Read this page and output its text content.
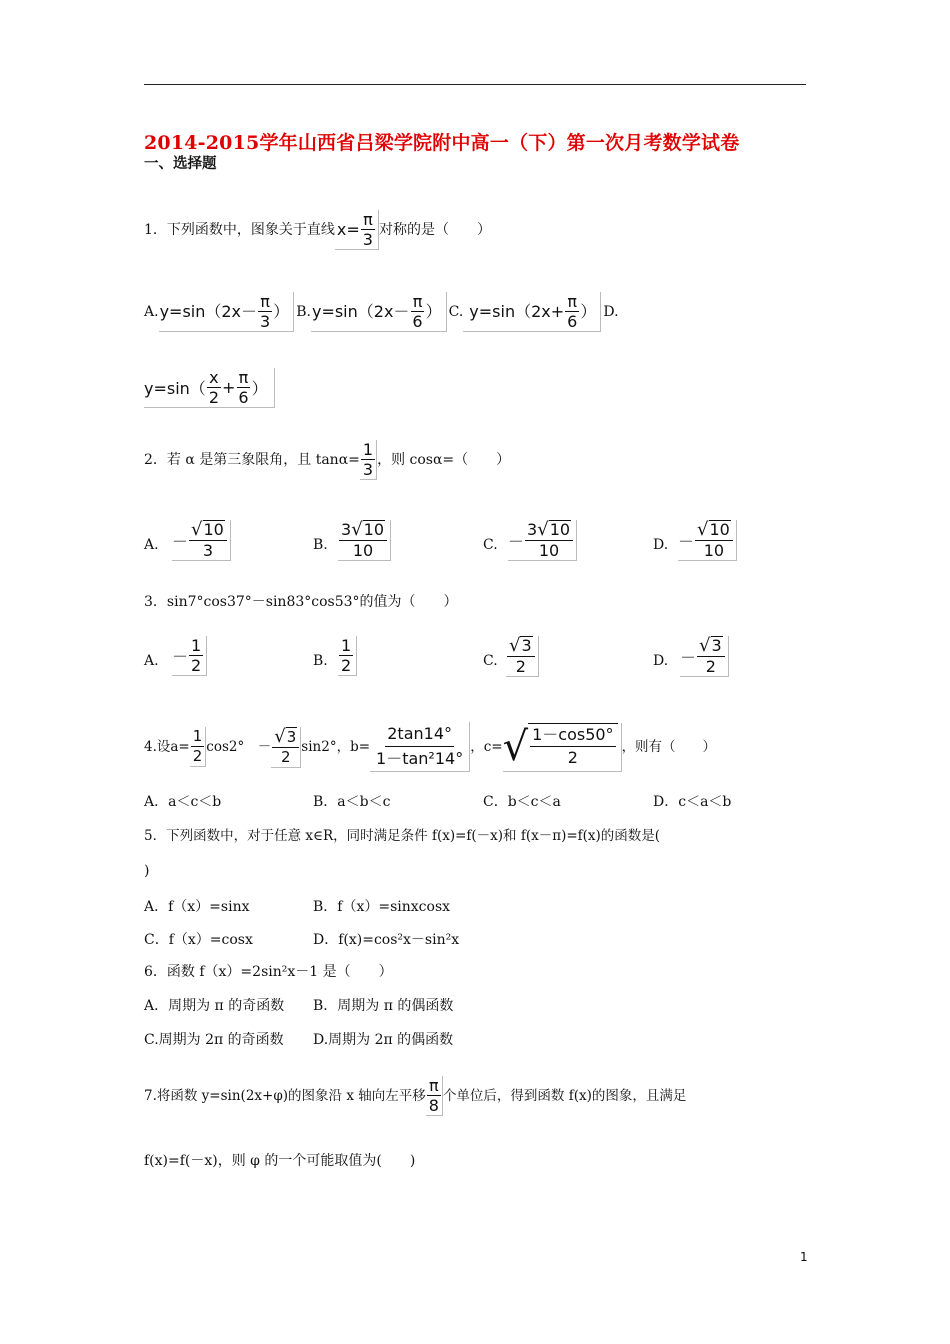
2014-2015学年山西省吕梁学院附中高一（下）第一次月考数学试卷
一、选择题
1．下列函数中，图象关于直线 $x= \frac{\pi}{3}$ 对称的是（　　）
A. $y=\sin(2x- \frac{\pi}{3}$ ） B. $y=\sin(2x- \frac{\pi}{6}$ ） C. $y=\sin(2x+ \frac{\pi}{6}$ ） D.
$y=\sin( \frac{x}{2} + \frac{\pi}{6}$ ）
2．若 α 是第三象限角，且 $\tan\alpha= \frac{1}{3}$ ，则 cosα=（　　）
A. － $\frac{√ 10}{3}$	B. $\frac{3 √ 10}{10}$	C. － $\frac{3 √ 10}{10}$	D. － $\frac{√ 10}{10}$
3．sin7°cos37°－sin83°cos53°的值为（　　）
A. － $\frac{1}{2}$	B. $\frac{1}{2}$	C. $\frac{√ 3}{2}$	D. － $\frac{√ 3}{2}$
4.设$a= \frac{1}{2} \cos 2^\circ$　－ $\frac{√ 3}{2} \sin 2^\circ$，$b= \frac{2\tan 14^\circ}{\text{1－tan²14°}}$ ，c= √ $\frac{1-\cos 50^\circ}{2}$ ，则有（　　）
A．a＜c＜b	B．a＜b＜c	C．b＜c＜a	D．c＜a＜b
5．下列函数中，对于任意 x∈R，同时满足条件 f(x)=f(－x)和 f(x－π)=f(x)的函数是(
)
A．f（x）=sinx	B．f（x）=sinxcosx
C．f（x）=cosx	D．f(x)=cos²x－sin²x
6．函数 f（x）=2sin²x－1 是（　　）
A．周期为 π 的奇函数 B．周期为 π 的偶函数
C.周期为 2π 的奇函数 D.周期为 2π 的偶函数
7.将函数 y=sin(2x+φ)的图象沿 x 轴向左平移 $\frac{\pi}{8}$ 个单位后，得到函数 f(x)的图象，且满足
f(x)=f(－x)，则 φ 的一个可能取值为(　　)
1
